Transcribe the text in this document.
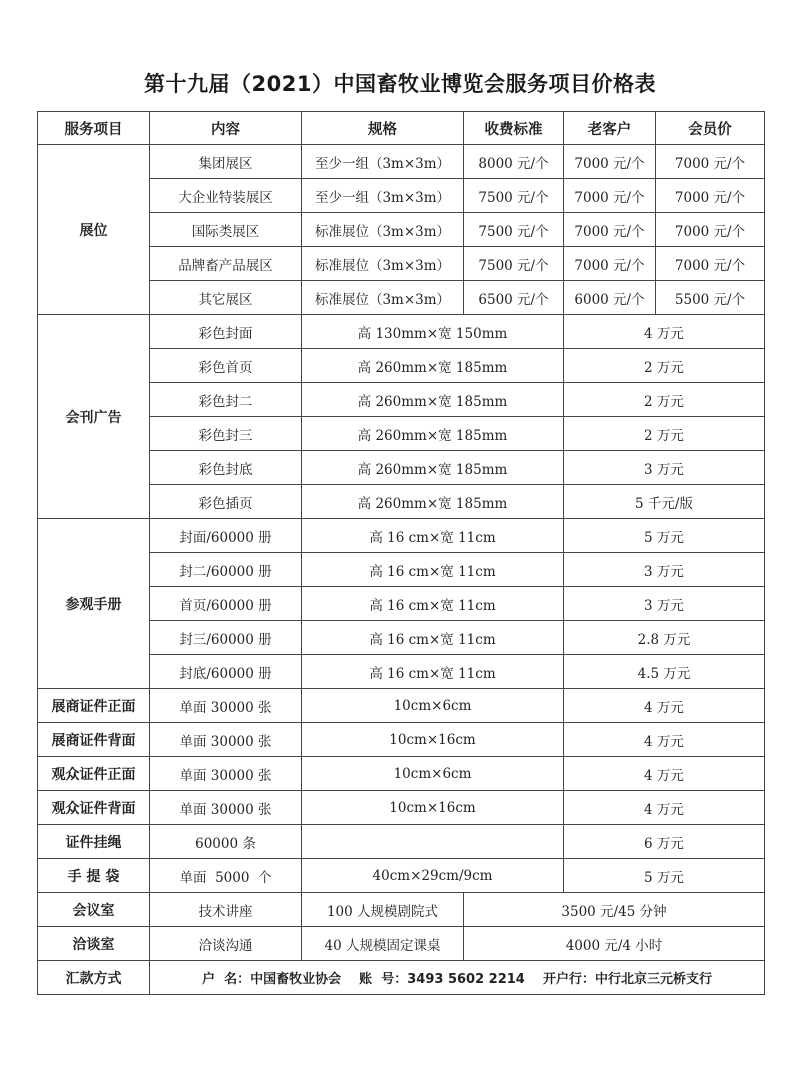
第十九届（2021）中国畜牧业博览会服务项目价格表
服务项目	内容	规格	收费标准	老客户	会员价
展位	集团展区	至少一组（3m×3m）	8000 元/个	7000 元/个	7000 元/个
	大企业特装展区	至少一组（3m×3m）	7500 元/个	7000 元/个	7000 元/个
	国际类展区	标准展位（3m×3m）	7500 元/个	7000 元/个	7000 元/个
	品牌畜产品展区	标准展位（3m×3m）	7500 元/个	7000 元/个	7000 元/个
	其它展区	标准展位（3m×3m）	6500 元/个	6000 元/个	5500 元/个
会刊广告	彩色封面	高 130mm×宽 150mm		4 万元	
	彩色首页	高 260mm×宽 185mm		2 万元	
	彩色封二	高 260mm×宽 185mm		2 万元	
	彩色封三	高 260mm×宽 185mm		2 万元	
	彩色封底	高 260mm×宽 185mm		3 万元	
	彩色插页	高 260mm×宽 185mm		5 千元/版	
参观手册	封面/60000 册	高 16 cm×宽 11cm		5 万元	
	封二/60000 册	高 16 cm×宽 11cm		3 万元	
	首页/60000 册	高 16 cm×宽 11cm		3 万元	
	封三/60000 册	高 16 cm×宽 11cm		2.8 万元	
	封底/60000 册	高 16 cm×宽 11cm		4.5 万元	
展商证件正面	单面 30000 张	10cm×6cm		4 万元	
展商证件背面	单面 30000 张	10cm×16cm		4 万元	
观众证件正面	单面 30000 张	10cm×6cm		4 万元	
观众证件背面	单面 30000 张	10cm×16cm		4 万元	
证件挂绳	60000 条			6 万元	
手 提 袋	单面  5000  个	40cm×29cm/9cm		5 万元	
会议室	技术讲座	100 人规模剧院式	3500 元/45 分钟		
洽谈室	洽谈沟通	40 人规模固定课桌	4000 元/4 小时		
汇款方式	户  名：中国畜牧业协会    账  号：3493 5602 2214    开户行：中行北京三元桥支行				
